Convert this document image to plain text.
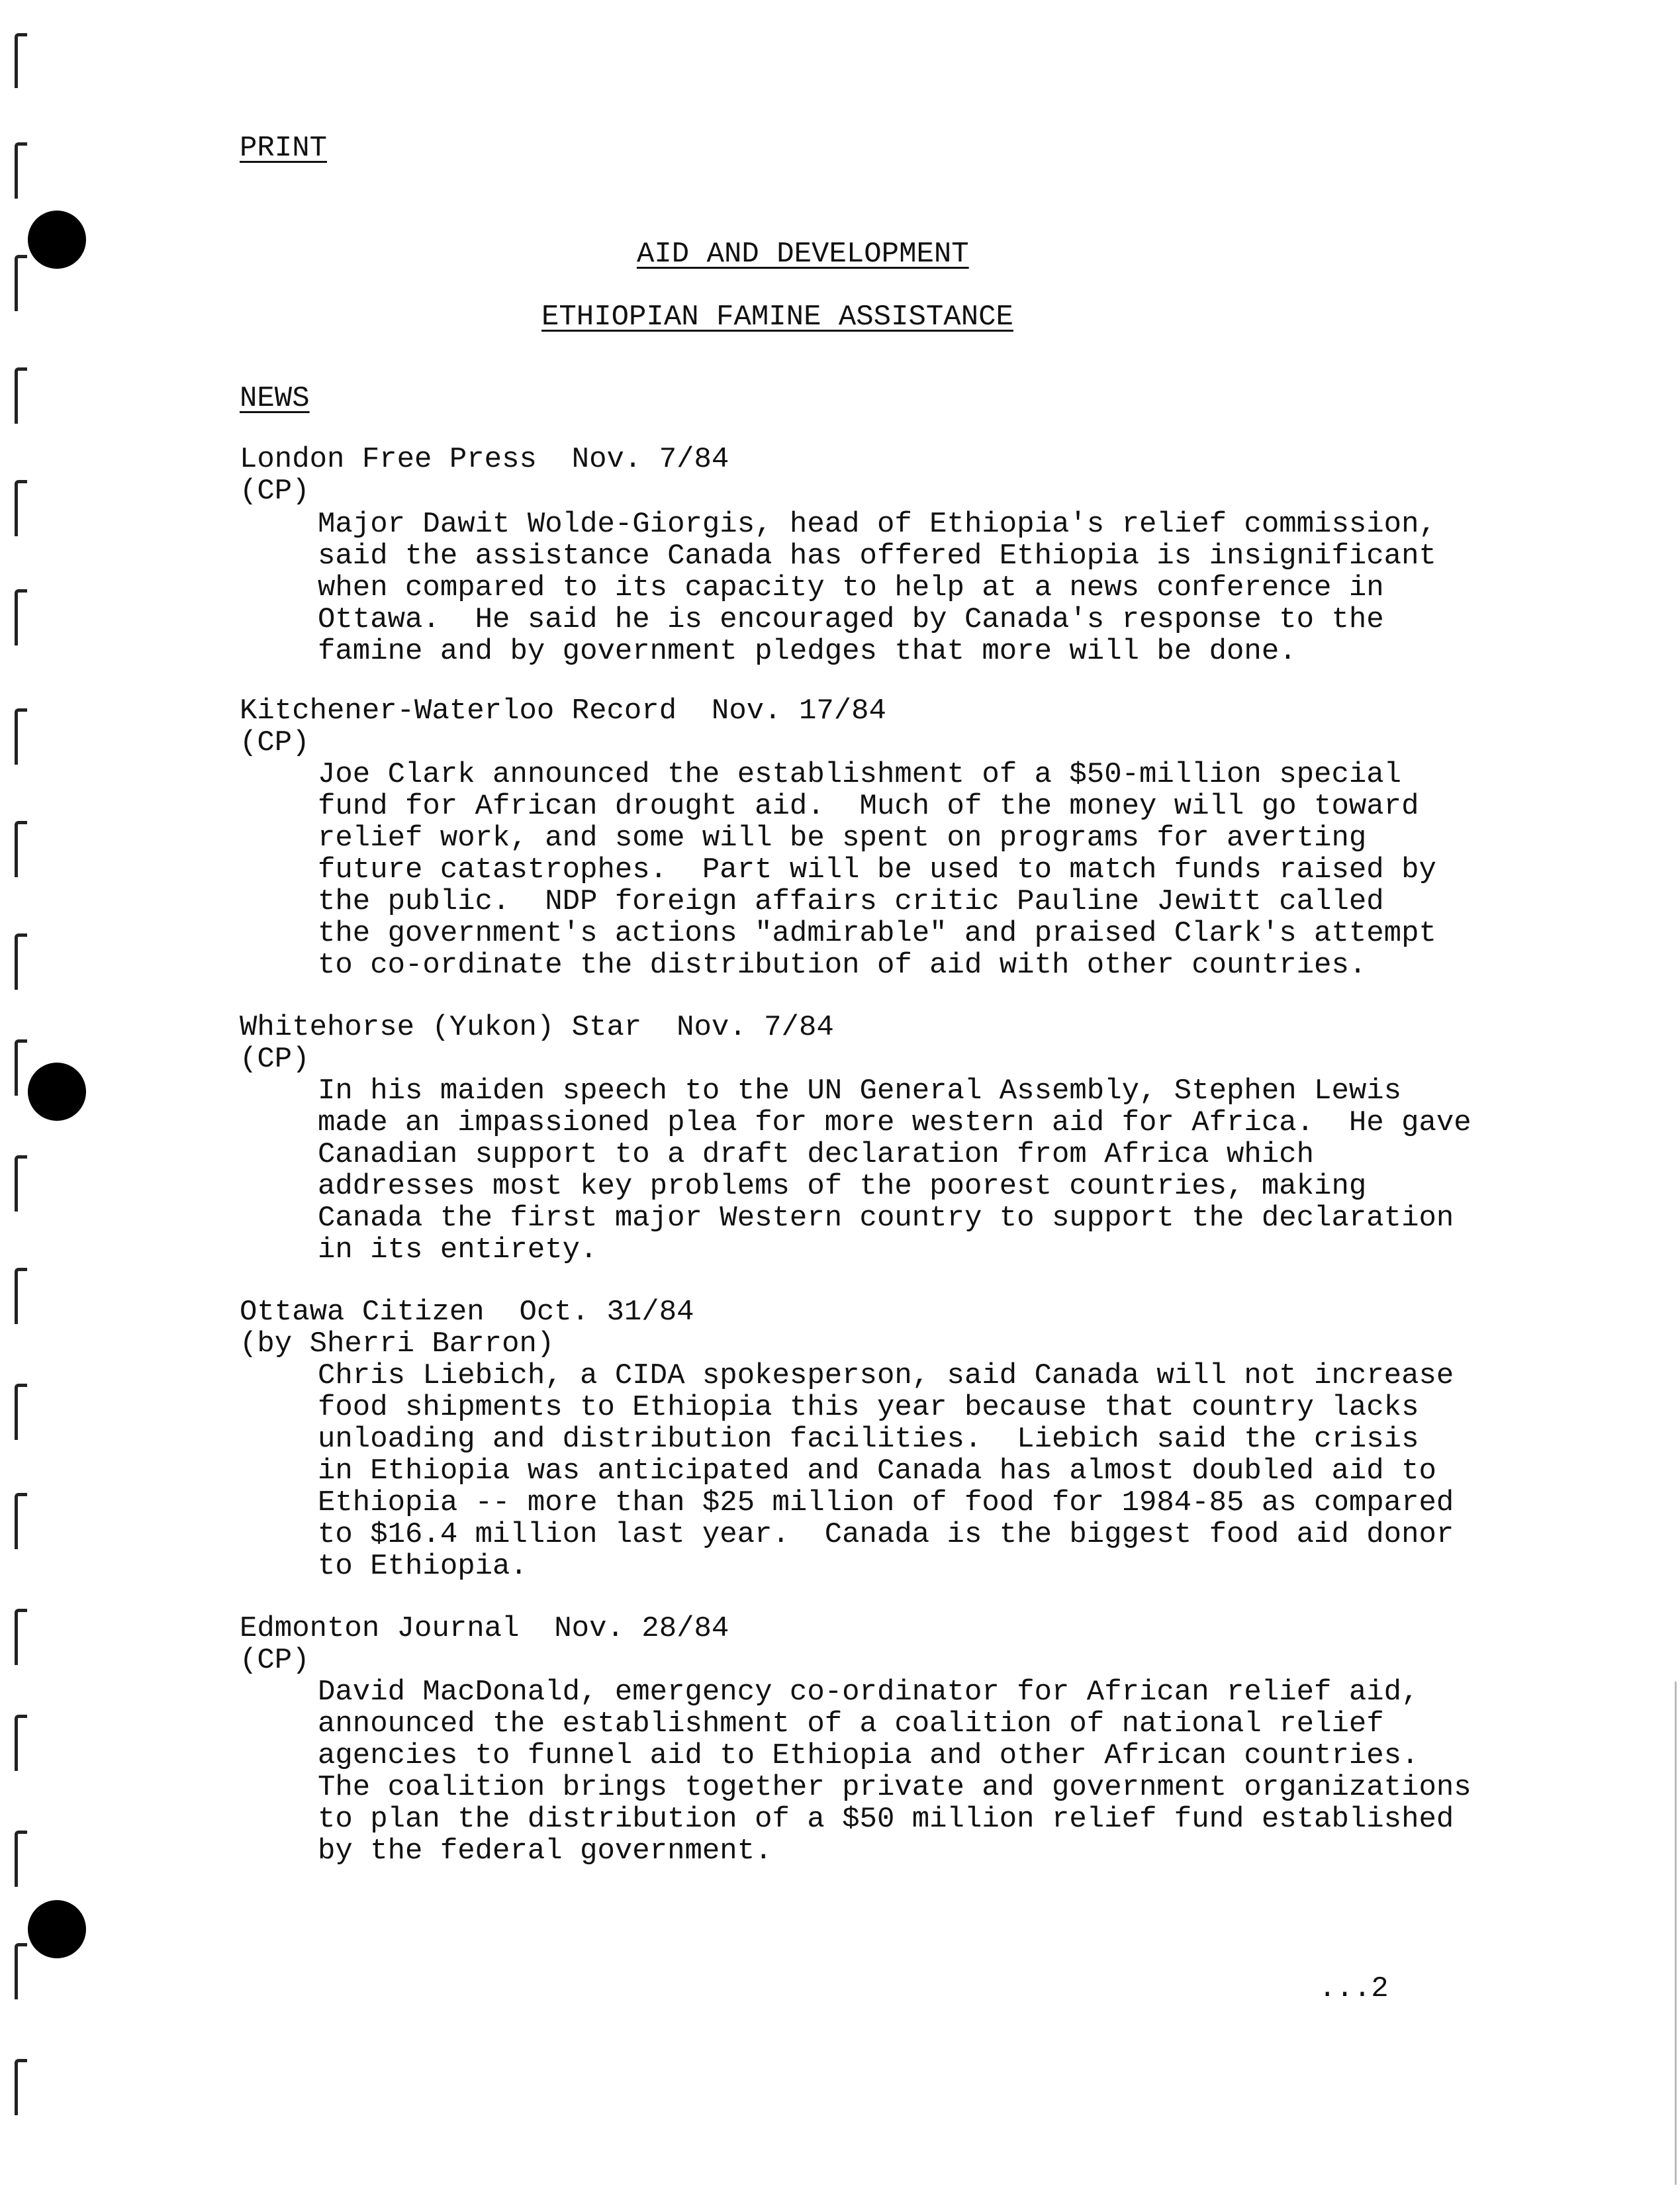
PRINT
AID AND DEVELOPMENT
ETHIOPIAN FAMINE ASSISTANCE
NEWS
London Free Press  Nov. 7/84
(CP)
Major Dawit Wolde-Giorgis, head of Ethiopia's relief commission,
said the assistance Canada has offered Ethiopia is insignificant
when compared to its capacity to help at a news conference in
Ottawa.  He said he is encouraged by Canada's response to the
famine and by government pledges that more will be done.
Kitchener-Waterloo Record  Nov. 17/84
(CP)
Joe Clark announced the establishment of a $50-million special
fund for African drought aid.  Much of the money will go toward
relief work, and some will be spent on programs for averting
future catastrophes.  Part will be used to match funds raised by
the public.  NDP foreign affairs critic Pauline Jewitt called
the government's actions "admirable" and praised Clark's attempt
to co-ordinate the distribution of aid with other countries.
Whitehorse (Yukon) Star  Nov. 7/84
(CP)
In his maiden speech to the UN General Assembly, Stephen Lewis
made an impassioned plea for more western aid for Africa.  He gave
Canadian support to a draft declaration from Africa which
addresses most key problems of the poorest countries, making
Canada the first major Western country to support the declaration
in its entirety.
Ottawa Citizen  Oct. 31/84
(by Sherri Barron)
Chris Liebich, a CIDA spokesperson, said Canada will not increase
food shipments to Ethiopia this year because that country lacks
unloading and distribution facilities.  Liebich said the crisis
in Ethiopia was anticipated and Canada has almost doubled aid to
Ethiopia -- more than $25 million of food for 1984-85 as compared
to $16.4 million last year.  Canada is the biggest food aid donor
to Ethiopia.
Edmonton Journal  Nov. 28/84
(CP)
David MacDonald, emergency co-ordinator for African relief aid,
announced the establishment of a coalition of national relief
agencies to funnel aid to Ethiopia and other African countries.
The coalition brings together private and government organizations
to plan the distribution of a $50 million relief fund established
by the federal government.
...2
